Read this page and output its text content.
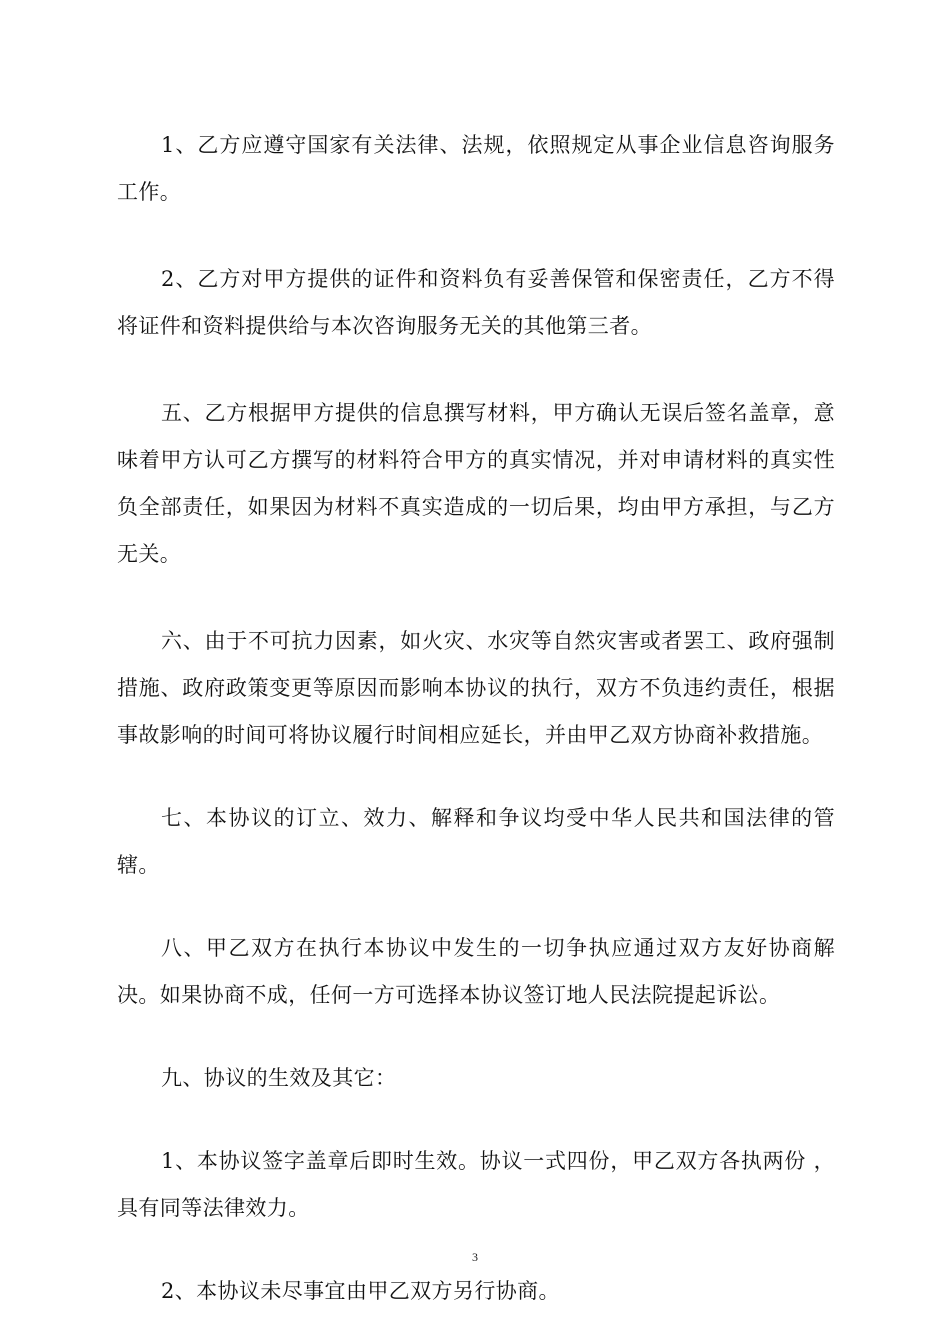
1、乙方应遵守国家有关法律、法规，依照规定从事企业信息咨询服务工作。

2、乙方对甲方提供的证件和资料负有妥善保管和保密责任，乙方不得将证件和资料提供给与本次咨询服务无关的其他第三者。

五、乙方根据甲方提供的信息撰写材料，甲方确认无误后签名盖章，意味着甲方认可乙方撰写的材料符合甲方的真实情况，并对申请材料的真实性负全部责任，如果因为材料不真实造成的一切后果，均由甲方承担，与乙方无关。

六、由于不可抗力因素，如火灾、水灾等自然灾害或者罢工、政府强制措施、政府政策变更等原因而影响本协议的执行，双方不负违约责任，根据事故影响的时间可将协议履行时间相应延长，并由甲乙双方协商补救措施。

七、本协议的订立、效力、解释和争议均受中华人民共和国法律的管辖。

八、甲乙双方在执行本协议中发生的一切争执应通过双方友好协商解决。如果协商不成，任何一方可选择本协议签订地人民法院提起诉讼。

九、协议的生效及其它：

1、本协议签字盖章后即时生效。协议一式四份，甲乙双方各执两份 ，具有同等法律效力。

2、本协议未尽事宜由甲乙双方另行协商。

3
